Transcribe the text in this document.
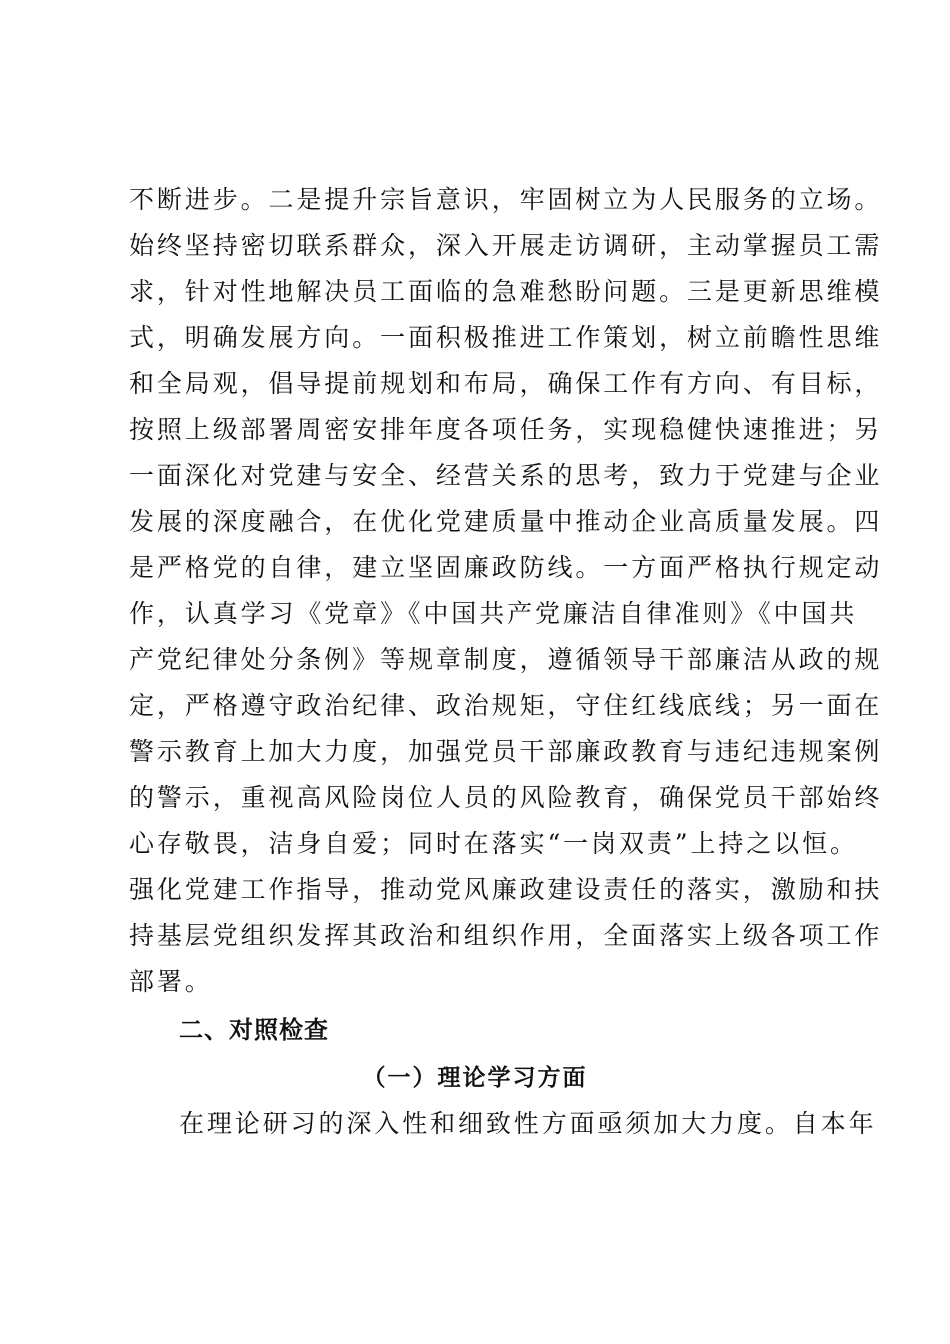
不断进步。二是提升宗旨意识，牢固树立为人民服务的立场。
始终坚持密切联系群众，深入开展走访调研，主动掌握员工需
求，针对性地解决员工面临的急难愁盼问题。三是更新思维模
式，明确发展方向。一面积极推进工作策划，树立前瞻性思维
和全局观，倡导提前规划和布局，确保工作有方向、有目标，
按照上级部署周密安排年度各项任务，实现稳健快速推进；另
一面深化对党建与安全、经营关系的思考，致力于党建与企业
发展的深度融合，在优化党建质量中推动企业高质量发展。四
是严格党的自律，建立坚固廉政防线。一方面严格执行规定动
作，认真学习《党章》《中国共产党廉洁自律准则》《中国共
产党纪律处分条例》等规章制度，遵循领导干部廉洁从政的规
定，严格遵守政治纪律、政治规矩，守住红线底线；另一面在
警示教育上加大力度，加强党员干部廉政教育与违纪违规案例
的警示，重视高风险岗位人员的风险教育，确保党员干部始终
心存敬畏，洁身自爱；同时在落实“一岗双责”上持之以恒。
强化党建工作指导，推动党风廉政建设责任的落实，激励和扶
持基层党组织发挥其政治和组织作用，全面落实上级各项工作
部署。
二、对照检查
（一）理论学习方面
在理论研习的深入性和细致性方面亟须加大力度。自本年
